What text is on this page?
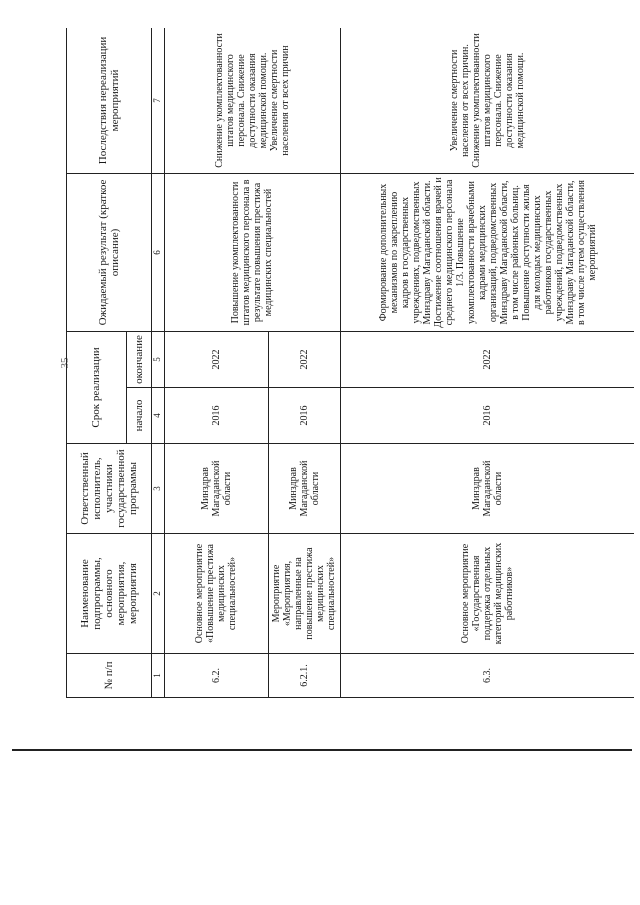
35
№ п/п	Наименование подпрограммы, основного мероприятия, мероприятия	Ответственный исполнитель, участники государственной программы	Срок реализации		Ожидаемый результат (краткое описание)	Последствия нереализации мероприятий
			начало	окончание		
1	2	3	4	5	6	7
6.2.	Основное мероприятие «Повышение престижа медицинских специальностей»	Минздрав Магаданской области	2016	2022	Повышение укомплектованности штатов медицинского персонала в результате повышения престижа медицинских специальностей	Снижение укомплектованности штатов медицинского персонала. Снижение доступности оказания медицинской помощи. Увеличение смертности населения от всех причин
6.2.1.	Мероприятие «Мероприятия, направленные на повышение престижа медицинских специальностей»	Минздрав Магаданской области	2016	2022		
6.3.	Основное мероприятие «Государственная поддержка отдельных категорий медицинских работников»	Минздрав Магаданской области	2016	2022	Формирование дополнительных механизмов по закреплению кадров в государственных учреждениях, подведомственных Минздраву Магаданской области. Достижение соотношения врачей и среднего медицинского персонала 1/3. Повышение укомплектованности врачебными кадрами медицинских организаций, подведомственных Минздраву Магаданской области, в том числе районных больниц. Повышение доступности жилья для молодых медицинских работников государственных учреждений, подведомственных Минздраву Магаданской области, в том числе путем осуществления мероприятий	Увеличение смертности населения от всех причин. Снижение укомплектованности штатов медицинского персонала. Снижение доступности оказания медицинской помощи.
